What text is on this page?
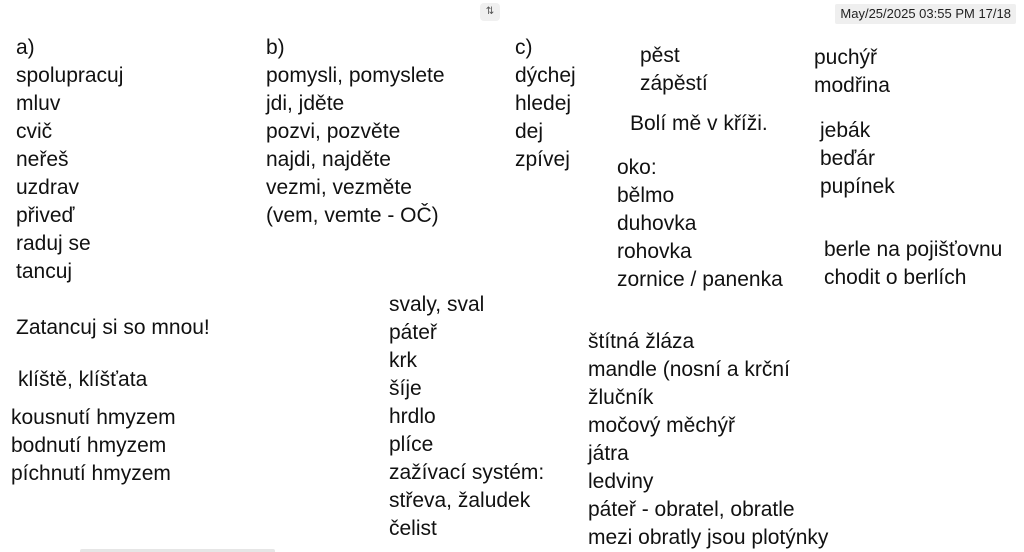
⇅	May/25/2025 03:55 PM 17/18
a)
spolupracuj
mluv
cvič
neřeš
uzdrav
přiveď
raduj se
tancuj
b)
pomysli, pomyslete
jdi, jděte
pozvi, pozvěte
najdi, najděte
vezmi, vezměte
(vem, vemte - OČ)
c)
dýchej
hledej
dej
zpívej
pěst
zápěstí
Bolí mě v kříži.
oko:
bělmo
duhovka
rohovka
zornice / panenka
puchýř
modřina
jebák
beďár
pupínek
berle na pojišťovnu
chodit o berlích
Zatancuj si so mnou!
klíště, klíšťata
kousnutí hmyzem
bodnutí hmyzem
píchnutí hmyzem
svaly, sval
páteř
krk
šíje
hrdlo
plíce
zažívací systém:
střeva, žaludek
čelist
štítná žláza
mandle (nosní a krční
žlučník
močový měchýř
játra
ledviny
páteř - obratel, obratle
mezi obratly jsou plotýnky
